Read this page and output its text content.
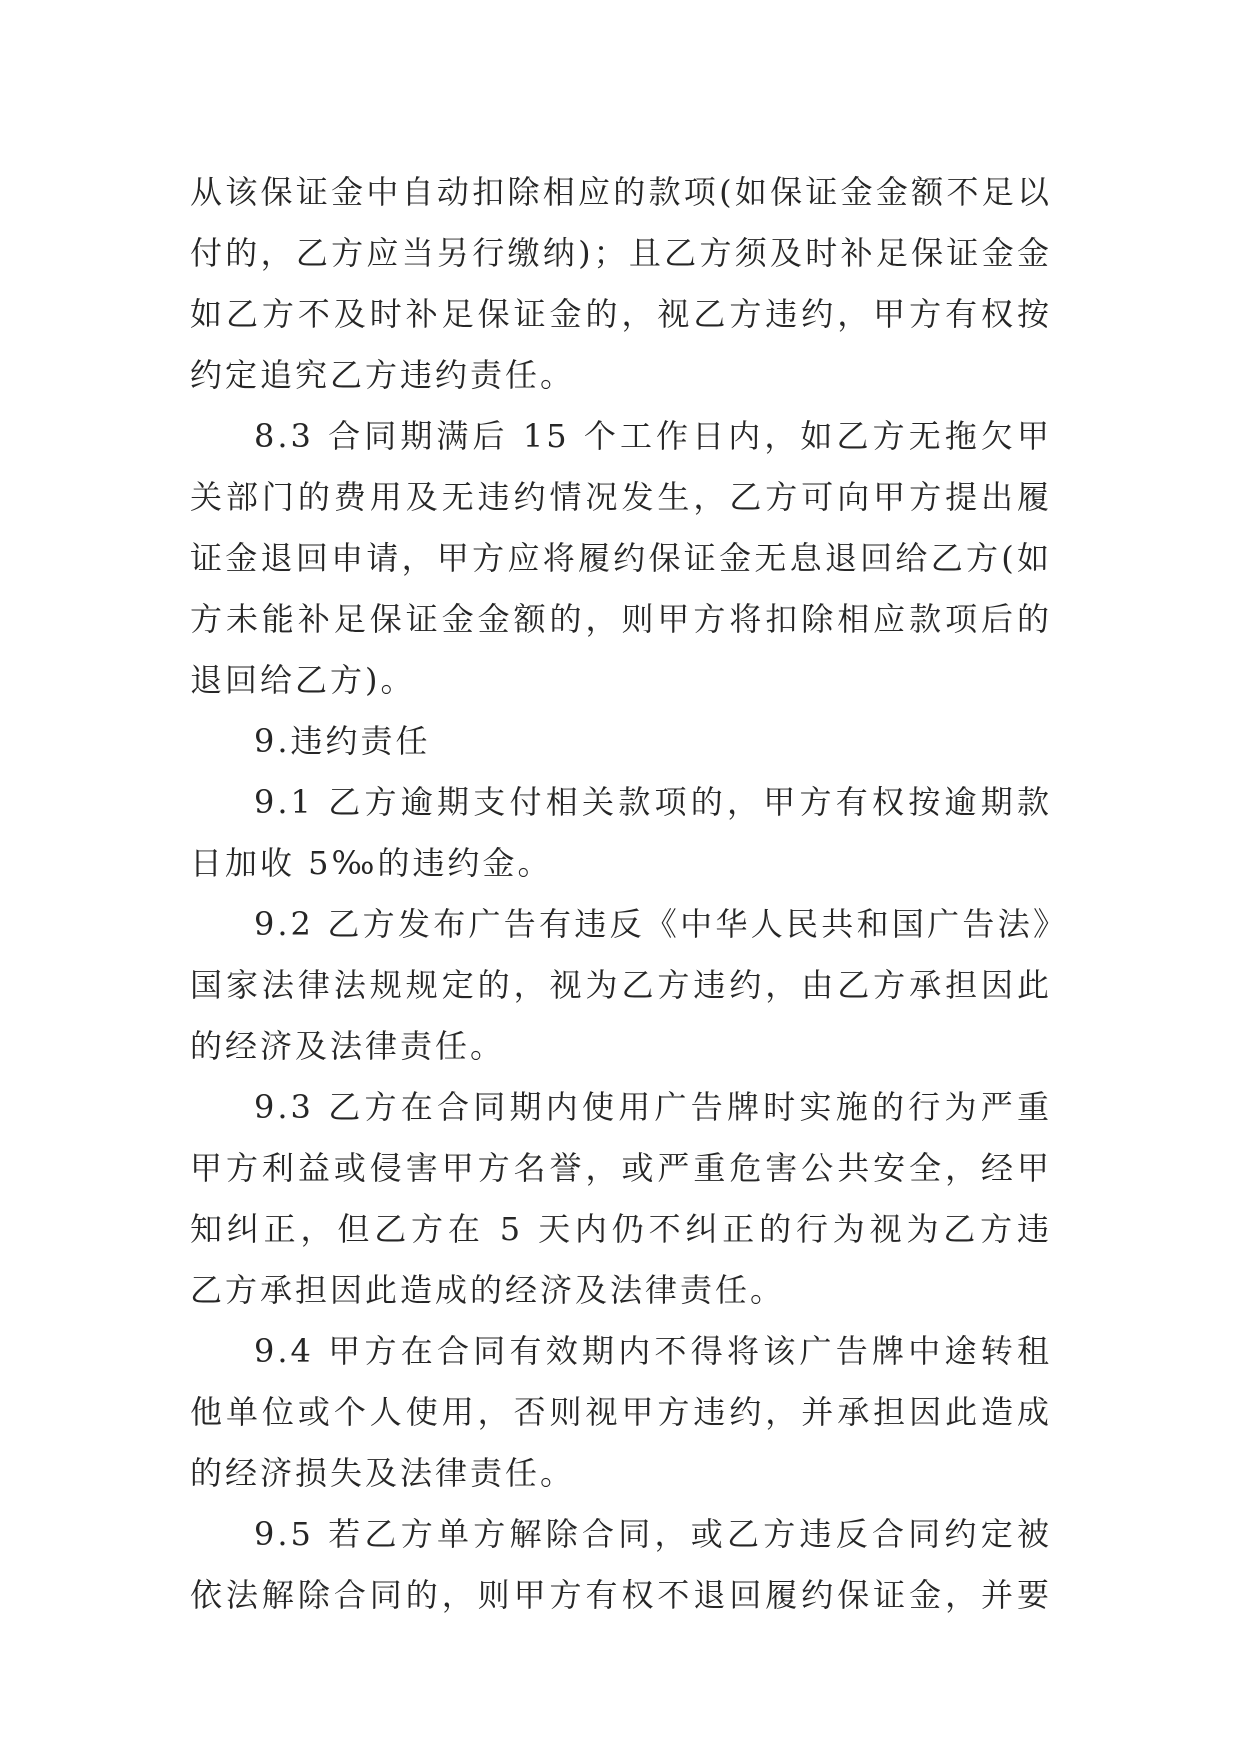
从该保证金中自动扣除相应的款项(如保证金金额不足以
付的，乙方应当另行缴纳)；且乙方须及时补足保证金金
如乙方不及时补足保证金的，视乙方违约，甲方有权按
约定追究乙方违约责任。
8.3 合同期满后 15 个工作日内，如乙方无拖欠甲
关部门的费用及无违约情况发生，乙方可向甲方提出履
证金退回申请，甲方应将履约保证金无息退回给乙方(如
方未能补足保证金金额的，则甲方将扣除相应款项后的
退回给乙方)。
9.违约责任
9.1 乙方逾期支付相关款项的，甲方有权按逾期款
日加收 5‰的违约金。
9.2 乙方发布广告有违反《中华人民共和国广告法》
国家法律法规规定的，视为乙方违约，由乙方承担因此
的经济及法律责任。
9.3 乙方在合同期内使用广告牌时实施的行为严重
甲方利益或侵害甲方名誉，或严重危害公共安全，经甲
知纠正，但乙方在 5 天内仍不纠正的行为视为乙方违
乙方承担因此造成的经济及法律责任。
9.4 甲方在合同有效期内不得将该广告牌中途转租
他单位或个人使用，否则视甲方违约，并承担因此造成
的经济损失及法律责任。
9.5 若乙方单方解除合同，或乙方违反合同约定被
依法解除合同的，则甲方有权不退回履约保证金，并要
